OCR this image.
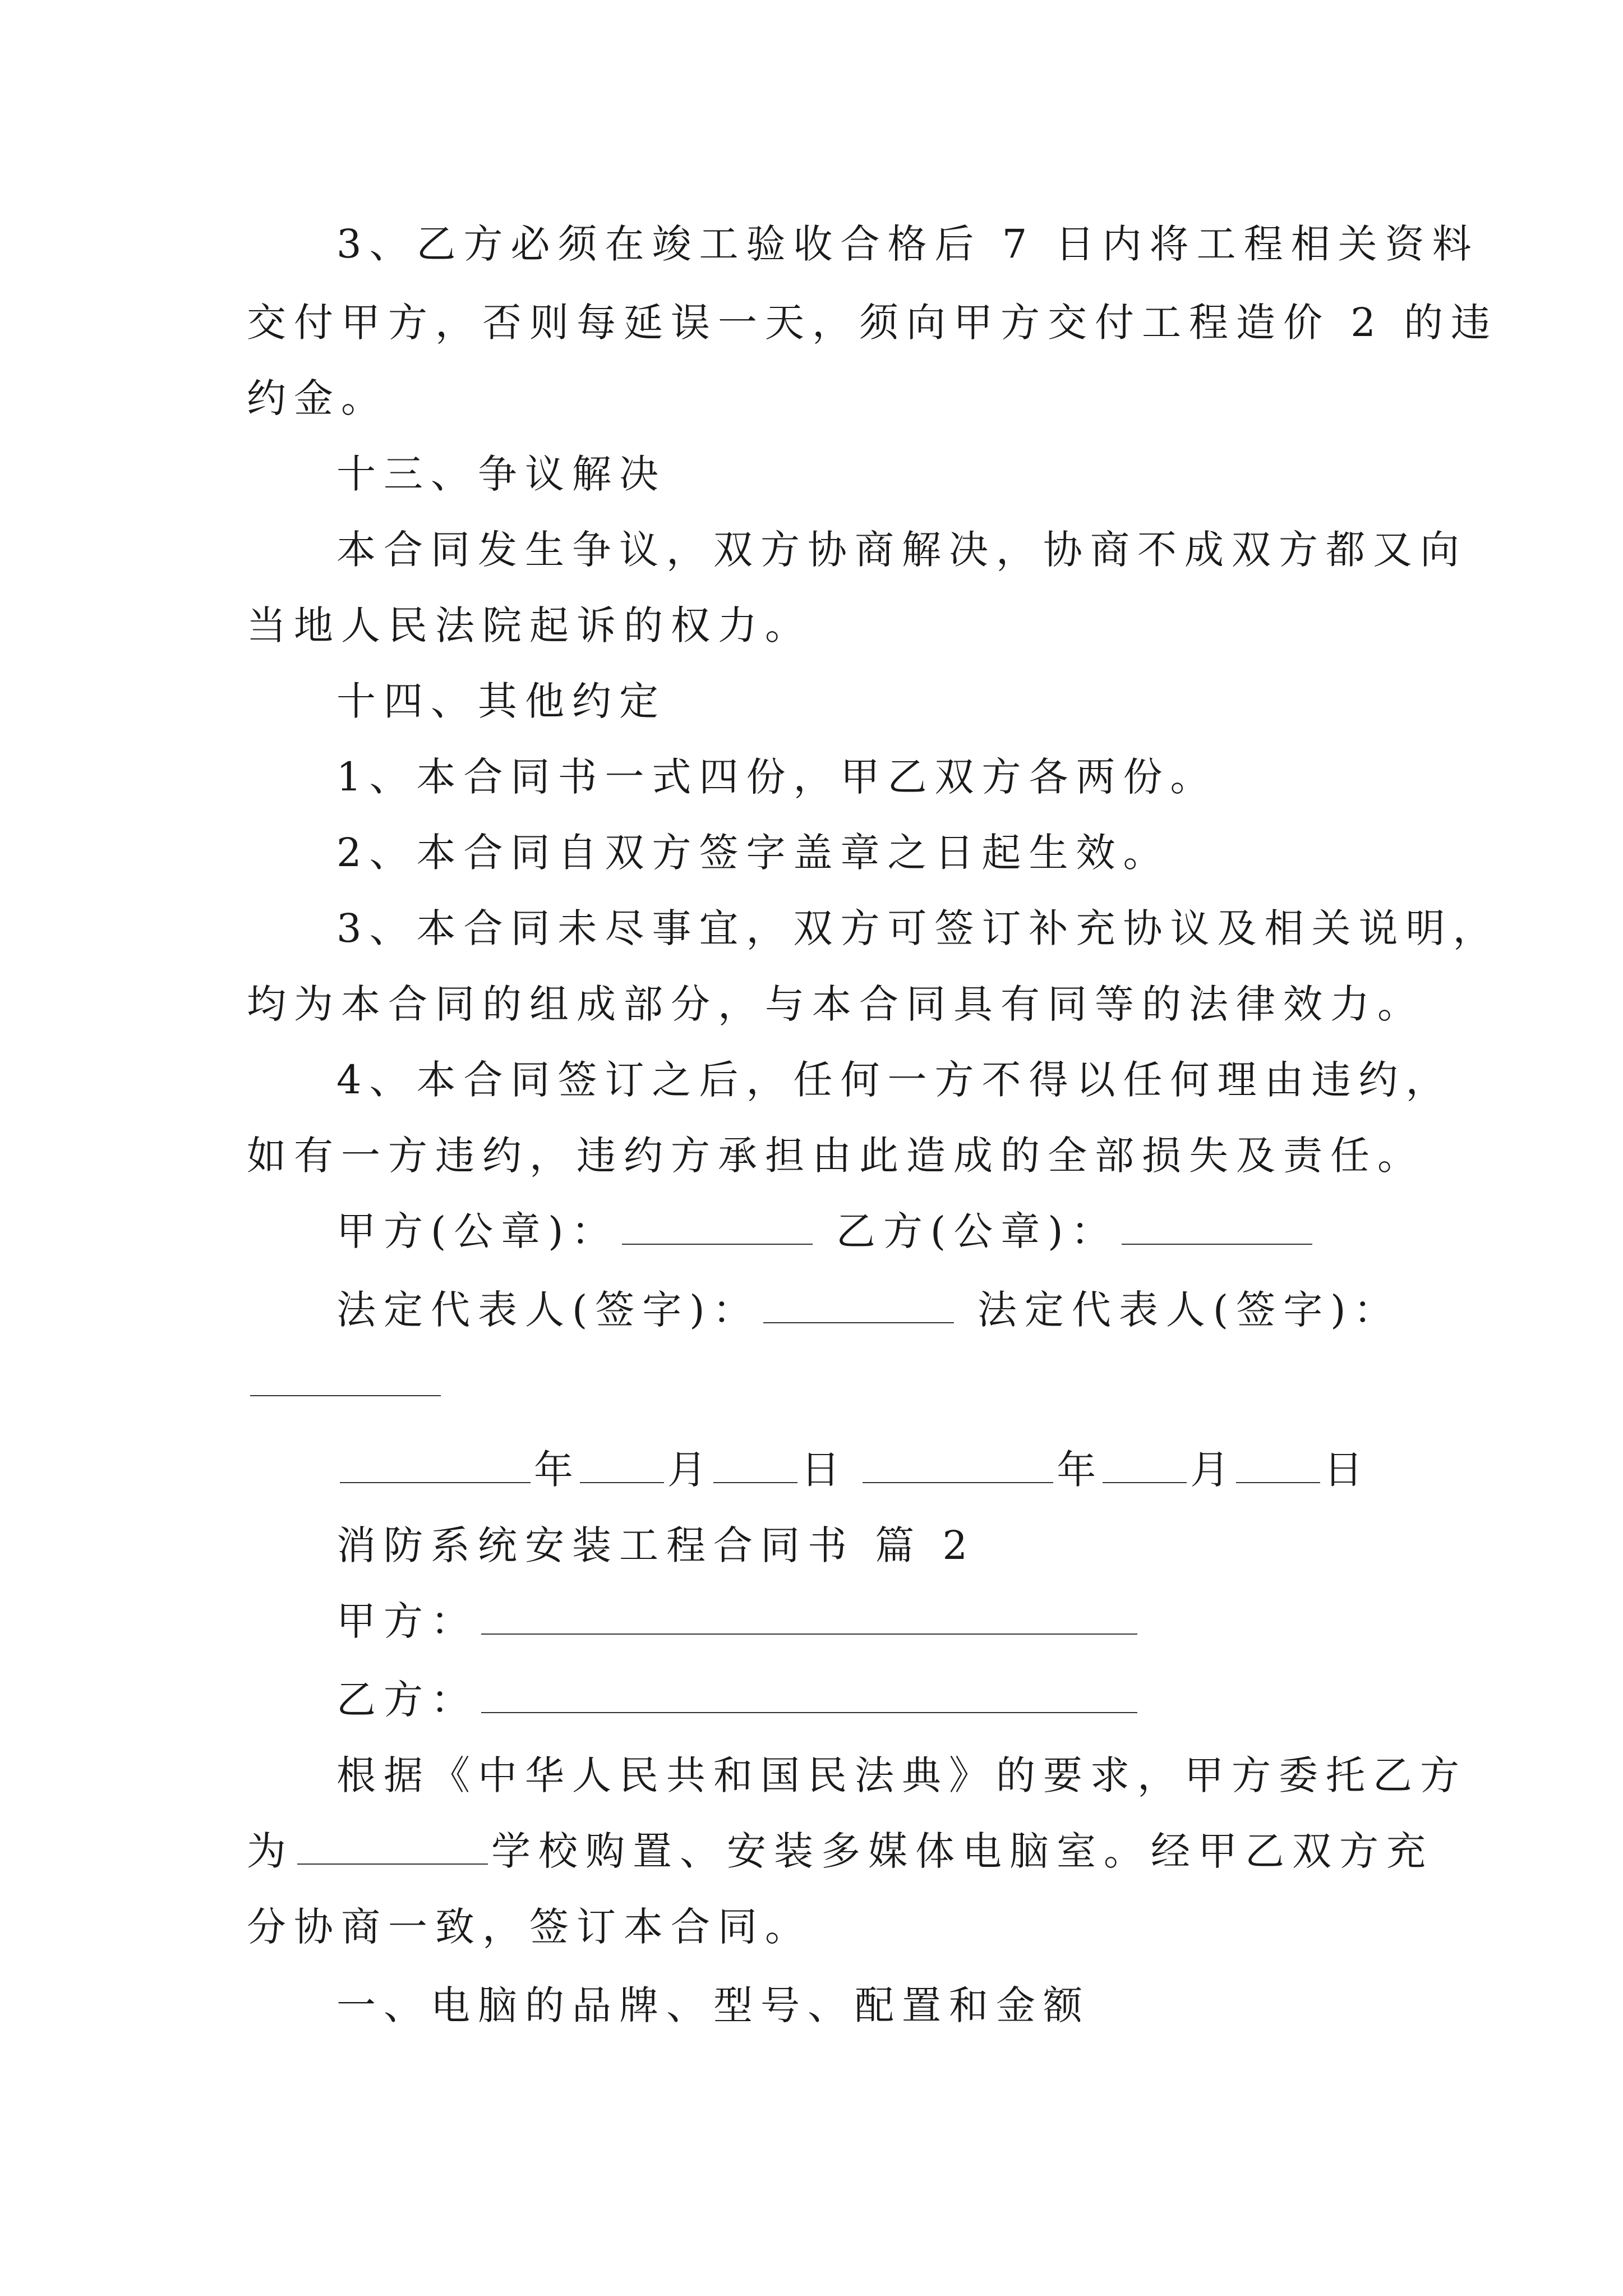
3、乙方必须在竣工验收合格后 7 日内将工程相关资料
交付甲方，否则每延误一天，须向甲方交付工程造价 2 的违
约金。
十三、争议解决
本合同发生争议，双方协商解决，协商不成双方都又向
当地人民法院起诉的权力。
十四、其他约定
1、本合同书一式四份，甲乙双方各两份。
2、本合同自双方签字盖章之日起生效。
3、本合同未尽事宜，双方可签订补充协议及相关说明，
均为本合同的组成部分，与本合同具有同等的法律效力。
4、本合同签订之后，任何一方不得以任何理由违约，
如有一方违约，违约方承担由此造成的全部损失及责任。
甲方(公章)：	乙方(公章)：
法定代表人(签字)：	法定代表人(签字)：
年 月 日	年 月 日
消防系统安装工程合同书 篇 2
甲方：
乙方：
根据《中华人民共和国民法典》的要求，甲方委托乙方
为	学校购置、安装多媒体电脑室。经甲乙双方充
分协商一致，签订本合同。
一、电脑的品牌、型号、配置和金额
